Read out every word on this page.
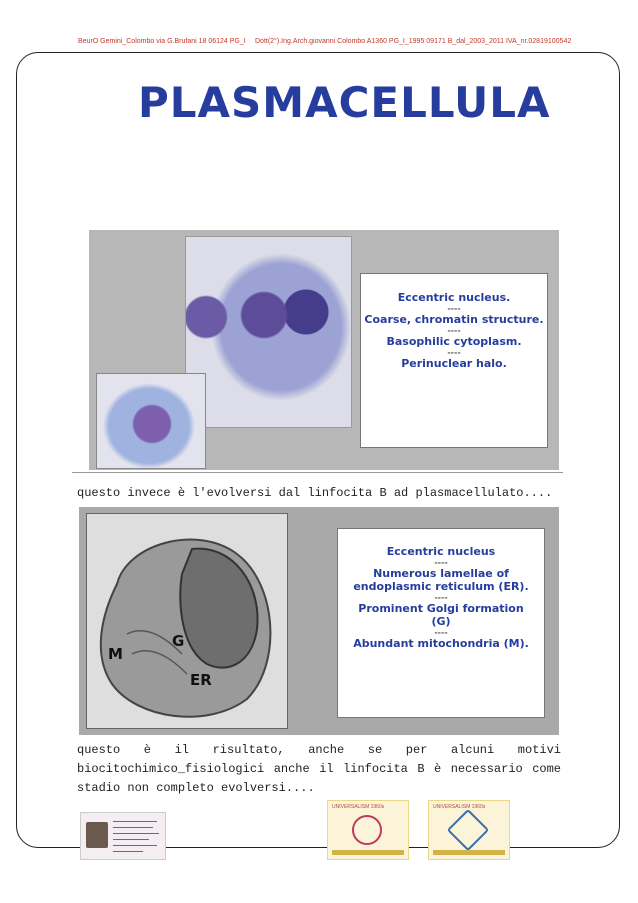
BeurO Gemini_Colombo via G.Brufani 18 06124 PG_I Dott(2°).Ing.Arch.giovanni Colombo A1360 PG_I_1995 09171 B_dal_2003_2011 IVA_nr.02819100542
PLASMACELLULA
Eccentric nucleus.
----
Coarse, chromatin structure.
----
Basophilic cytoplasm.
----
Perinuclear halo.
questo invece è l'evolversi dal linfocita B ad plasmacellulato....
M
G
ER
Eccentric nucleus
----
Numerous lamellae of
endoplasmic reticulum (ER).
----
Prominent Golgi formation
(G)
----
Abundant mitochondria (M).
questo è il risultato, anche se per alcuni motivi biocitochimico_fisiologici anche il linfocita B è necessario come stadio non completo evolversi....
UNIVERSALISM 1960s	UNIVERSALISM 1960s
